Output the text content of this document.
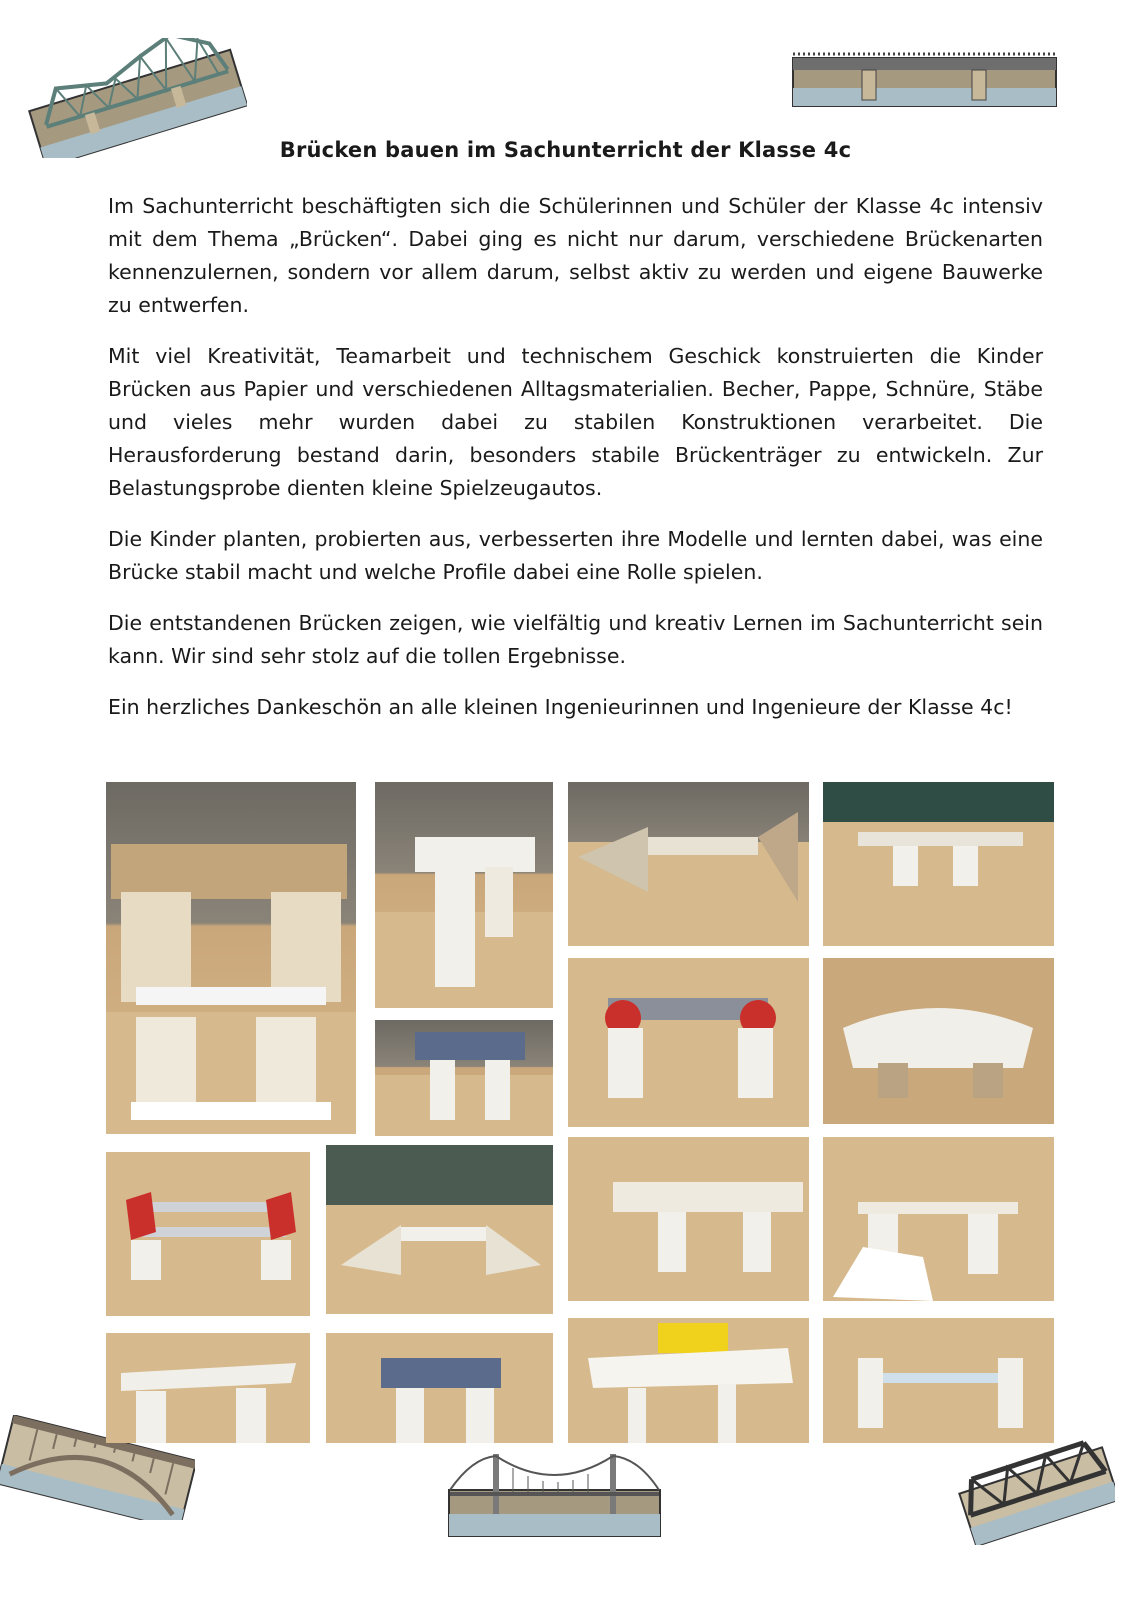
Brücken bauen im Sachunterricht der Klasse 4c

Im Sachunterricht beschäftigten sich die Schülerinnen und Schüler der Klasse 4c intensiv mit dem Thema „Brücken“. Dabei ging es nicht nur darum, verschiedene Brückenarten kennenzulernen, sondern vor allem darum, selbst aktiv zu werden und eigene Bauwerke zu entwerfen.

Mit viel Kreativität, Teamarbeit und technischem Geschick konstruierten die Kinder Brücken aus Papier und verschiedenen Alltagsmaterialien. Becher, Pappe, Schnüre, Stäbe und vieles mehr wurden dabei zu stabilen Konstruktionen verarbeitet. Die Herausforderung bestand darin, besonders stabile Brückenträger zu entwickeln. Zur Belastungsprobe dienten kleine Spielzeugautos.

Die Kinder planten, probierten aus, verbesserten ihre Modelle und lernten dabei, was eine Brücke stabil macht und welche Profile dabei eine Rolle spielen.

Die entstandenen Brücken zeigen, wie vielfältig und kreativ Lernen im Sachunterricht sein kann. Wir sind sehr stolz auf die tollen Ergebnisse.

Ein herzliches Dankeschön an alle kleinen Ingenieurinnen und Ingenieure der Klasse 4c!
